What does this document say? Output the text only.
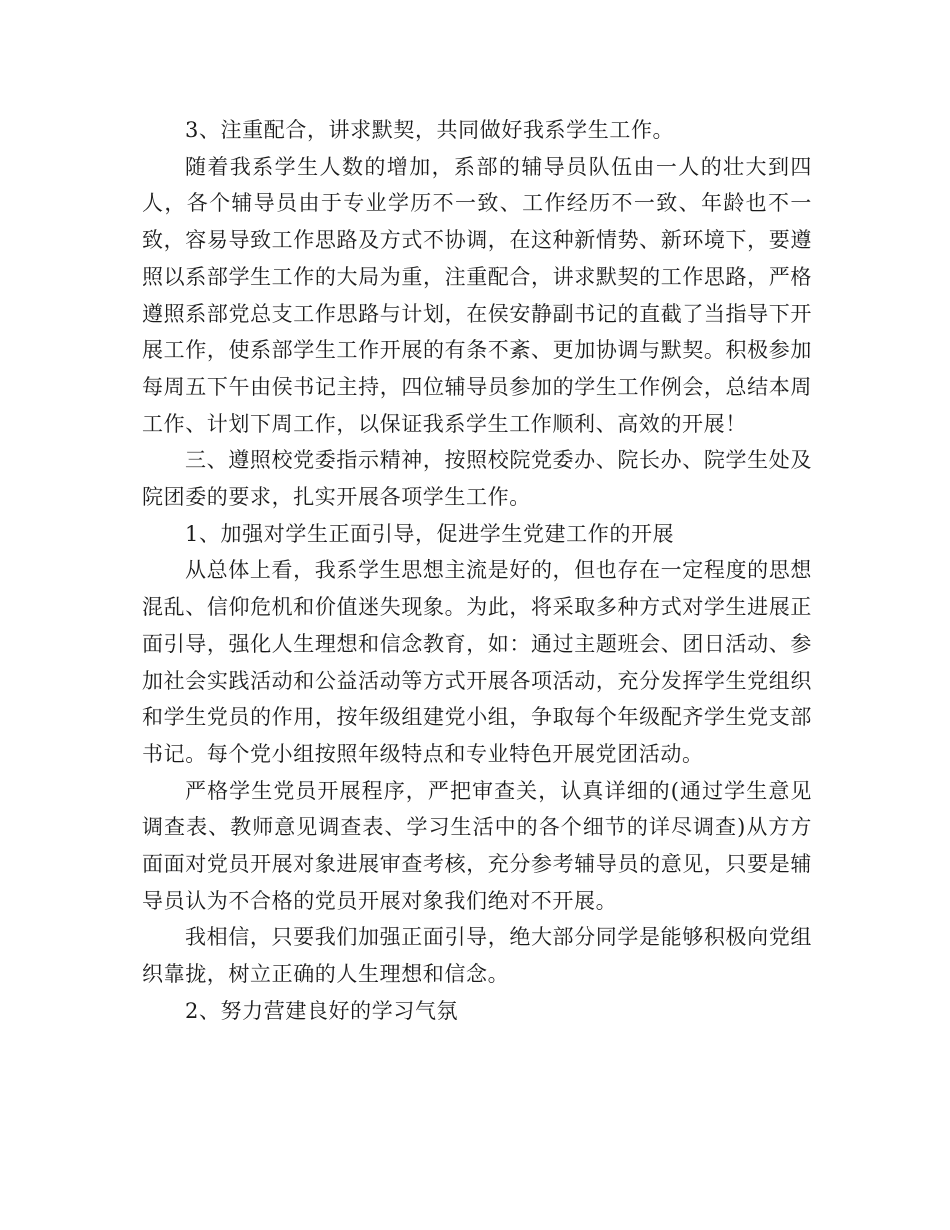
3、注重配合，讲求默契，共同做好我系学生工作。

随着我系学生人数的增加，系部的辅导员队伍由一人的壮大到四人，各个辅导员由于专业学历不一致、工作经历不一致、年龄也不一致，容易导致工作思路及方式不协调，在这种新情势、新环境下，要遵照以系部学生工作的大局为重，注重配合，讲求默契的工作思路，严格遵照系部党总支工作思路与计划，在侯安静副书记的直截了当指导下开展工作，使系部学生工作开展的有条不紊、更加协调与默契。积极参加每周五下午由侯书记主持，四位辅导员参加的学生工作例会，总结本周工作、计划下周工作，以保证我系学生工作顺利、高效的开展！

三、遵照校党委指示精神，按照校院党委办、院长办、院学生处及院团委的要求，扎实开展各项学生工作。

1、加强对学生正面引导，促进学生党建工作的开展

从总体上看，我系学生思想主流是好的，但也存在一定程度的思想混乱、信仰危机和价值迷失现象。为此，将采取多种方式对学生进展正面引导，强化人生理想和信念教育，如：通过主题班会、团日活动、参加社会实践活动和公益活动等方式开展各项活动，充分发挥学生党组织和学生党员的作用，按年级组建党小组，争取每个年级配齐学生党支部书记。每个党小组按照年级特点和专业特色开展党团活动。

严格学生党员开展程序，严把审查关，认真详细的(通过学生意见调查表、教师意见调查表、学习生活中的各个细节的详尽调查)从方方面面对党员开展对象进展审查考核，充分参考辅导员的意见，只要是辅导员认为不合格的党员开展对象我们绝对不开展。

我相信，只要我们加强正面引导，绝大部分同学是能够积极向党组织靠拢，树立正确的人生理想和信念。

2、努力营建良好的学习气氛
